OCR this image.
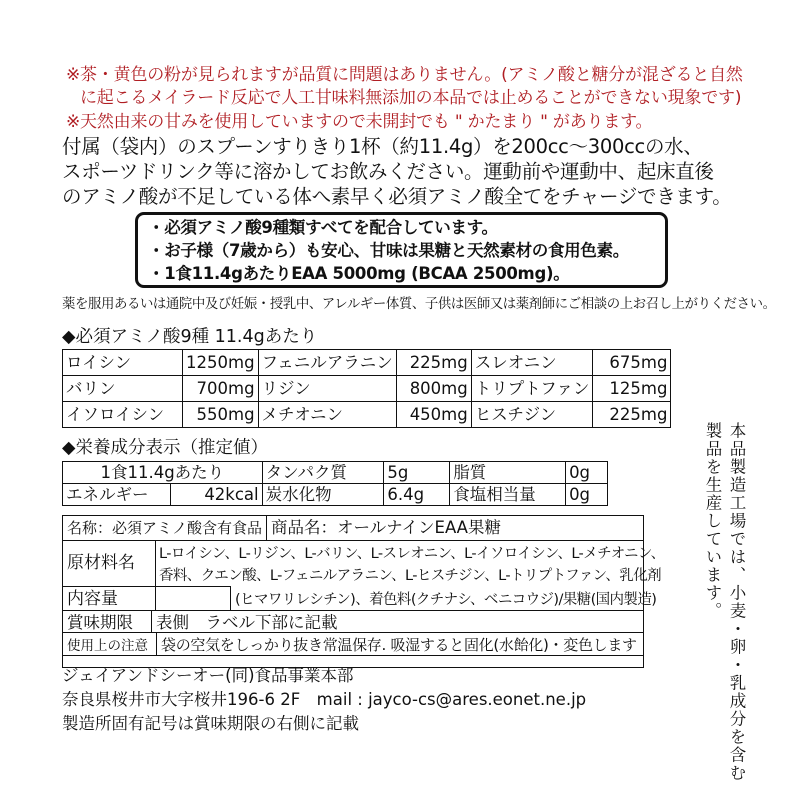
※茶・黄色の粉が見られますが品質に問題はありません。(アミノ酸と糖分が混ざると自然
に起こるメイラード反応で人工甘味料無添加の本品では止めることができない現象です)
※天然由来の甘みを使用していますので未開封でも " かたまり " があります。
付属（袋内）のスプーンすりきり1杯（約11.4g）を200cc～300ccの水、
スポーツドリンク等に溶かしてお飲みください。運動前や運動中、起床直後
のアミノ酸が不足している体へ素早く必須アミノ酸全てをチャージできます。
・必須アミノ酸9種類すべてを配合しています。
・お子様（7歳から）も安心、甘味は果糖と天然素材の食用色素。
・1食11.4gあたりEAA 5000mg (BCAA 2500mg)。
薬を服用あるいは通院中及び妊娠・授乳中、アレルギー体質、子供は医師又は薬剤師にご相談の上お召し上がりください。
◆必須アミノ酸9種 11.4gあたり
ロイシン	1250mg	フェニルアラニン	225mg	スレオニン	675mg
バリン	700mg	リジン	800mg	トリプトファン	125mg
イソロイシン	550mg	メチオニン	450mg	ヒスチジン	225mg
◆栄養成分表示（推定値）
1食11.4gあたり		タンパク質	5g	脂質	0g
エネルギー	42kcal	炭水化物	6.4g	食塩相当量	0g
名称：必須アミノ酸含有食品 商品名：オールナインEAA果糖
原材料名 L-ロイシン、L-リジン、L-バリン、L-スレオニン、L-イソロイシン、L-メチオニン、
香料、クエン酸、L-フェニルアラニン、L-ヒスチジン、L-トリプトファン、乳化剤
(ヒマワリレシチン)、着色料(クチナシ、ベニコウジ)/果糖(国内製造)
内容量
賞味期限 表側　ラベル下部に記載
使用上の注意 袋の空気をしっかり抜き常温保存. 吸湿すると固化(水飴化)・変色します
ジェイアンドシーオー(同)食品事業本部
奈良県桜井市大字桜井196-6 2F　mail : jayco-cs@ares.eonet.ne.jp
製造所固有記号は賞味期限の右側に記載	本品製造工場では、小麦・卵・乳成分を含む製品を生産しています。
